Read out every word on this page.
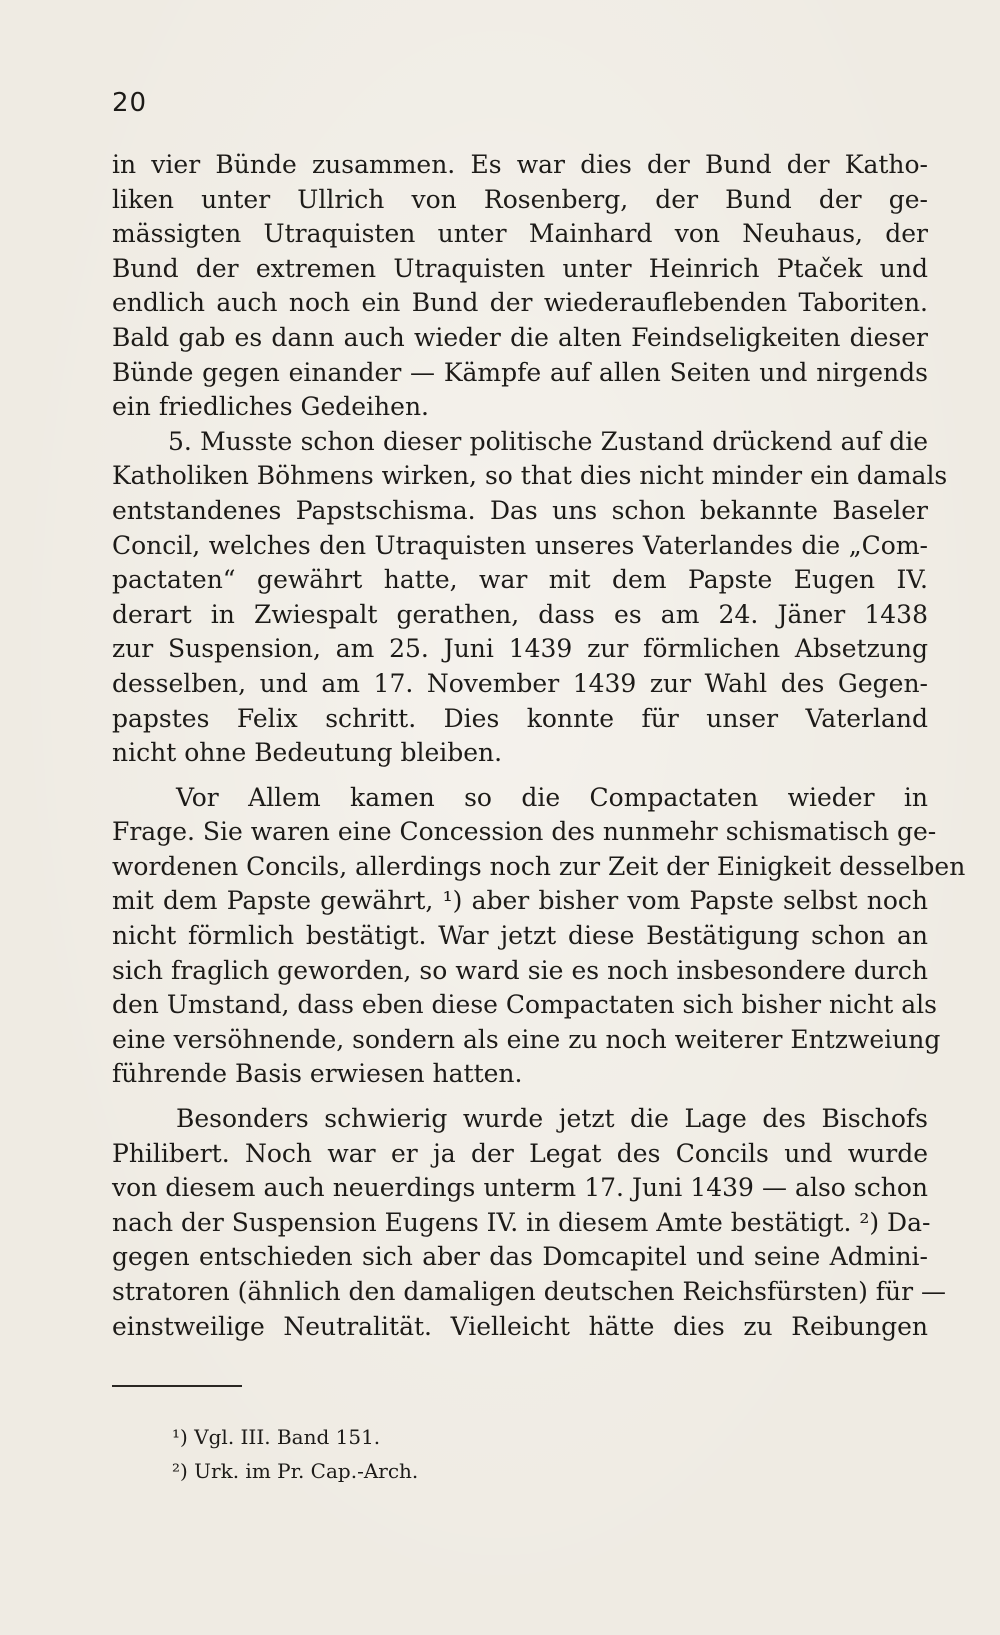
20
in vier Bünde zusammen. Es war dies der Bund der Katho-
liken unter Ullrich von Rosenberg, der Bund der ge-
mässigten Utraquisten unter Mainhard von Neuhaus, der
Bund der extremen Utraquisten unter Heinrich Ptaček und
endlich auch noch ein Bund der wiederauflebenden Taboriten.
Bald gab es dann auch wieder die alten Feindseligkeiten dieser
Bünde gegen einander — Kämpfe auf allen Seiten und nirgends
ein friedliches Gedeihen.
5. Musste schon dieser politische Zustand drückend auf die
Katholiken Böhmens wirken, so that dies nicht minder ein damals
entstandenes Papstschisma. Das uns schon bekannte Baseler
Concil, welches den Utraquisten unseres Vaterlandes die „Com-
pactaten“ gewährt hatte, war mit dem Papste Eugen IV.
derart in Zwiespalt gerathen, dass es am 24. Jäner 1438
zur Suspension, am 25. Juni 1439 zur förmlichen Absetzung
desselben, und am 17. November 1439 zur Wahl des Gegen-
papstes Felix schritt. Dies konnte für unser Vaterland
nicht ohne Bedeutung bleiben.
Vor Allem kamen so die Compactaten wieder in
Frage. Sie waren eine Concession des nunmehr schismatisch ge-
wordenen Concils, allerdings noch zur Zeit der Einigkeit desselben
mit dem Papste gewährt, ¹) aber bisher vom Papste selbst noch
nicht förmlich bestätigt. War jetzt diese Bestätigung schon an
sich fraglich geworden, so ward sie es noch insbesondere durch
den Umstand, dass eben diese Compactaten sich bisher nicht als
eine versöhnende, sondern als eine zu noch weiterer Entzweiung
führende Basis erwiesen hatten.
Besonders schwierig wurde jetzt die Lage des Bischofs
Philibert. Noch war er ja der Legat des Concils und wurde
von diesem auch neuerdings unterm 17. Juni 1439 — also schon
nach der Suspension Eugens IV. in diesem Amte bestätigt. ²) Da-
gegen entschieden sich aber das Domcapitel und seine Admini-
stratoren (ähnlich den damaligen deutschen Reichsfürsten) für —
einstweilige Neutralität. Vielleicht hätte dies zu Reibungen
¹) Vgl. III. Band 151.
²) Urk. im Pr. Cap.-Arch.
